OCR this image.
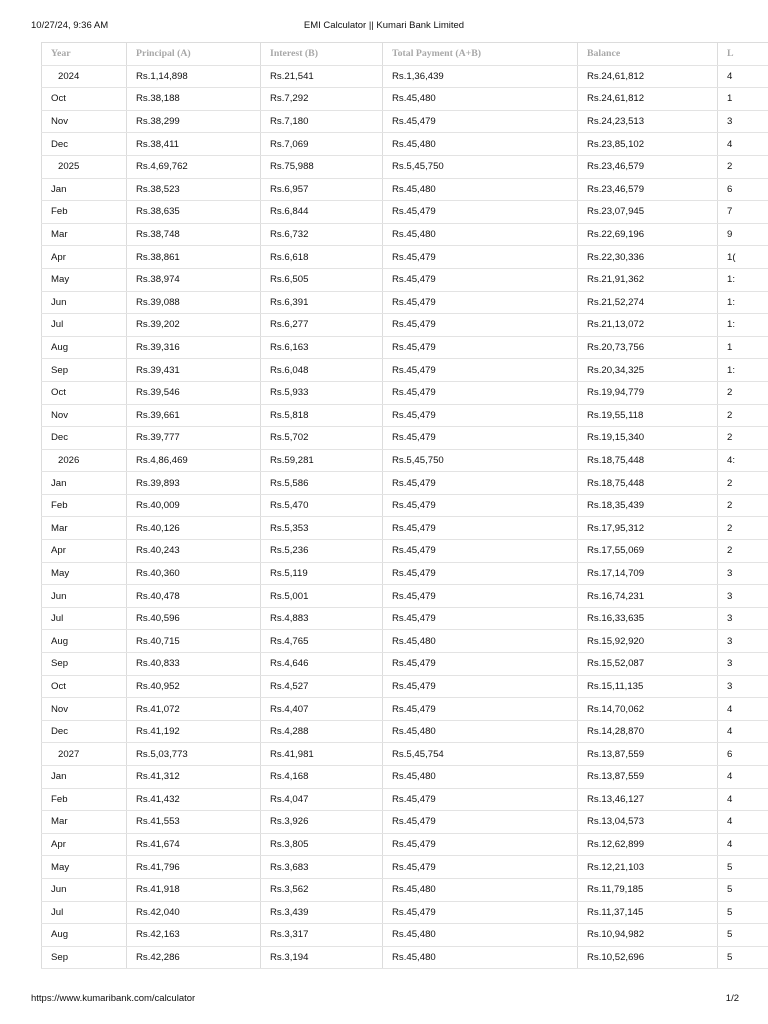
10/27/24, 9:36 AM	EMI Calculator || Kumari Bank Limited
Year	Principal (A)	Interest (B)	Total Payment (A+B)	Balance	L
2024	Rs.1,14,898	Rs.21,541	Rs.1,36,439	Rs.24,61,812	4
Oct	Rs.38,188	Rs.7,292	Rs.45,480	Rs.24,61,812	1
Nov	Rs.38,299	Rs.7,180	Rs.45,479	Rs.24,23,513	3
Dec	Rs.38,411	Rs.7,069	Rs.45,480	Rs.23,85,102	4
2025	Rs.4,69,762	Rs.75,988	Rs.5,45,750	Rs.23,46,579	2
Jan	Rs.38,523	Rs.6,957	Rs.45,480	Rs.23,46,579	6
Feb	Rs.38,635	Rs.6,844	Rs.45,479	Rs.23,07,945	7
Mar	Rs.38,748	Rs.6,732	Rs.45,480	Rs.22,69,196	9
Apr	Rs.38,861	Rs.6,618	Rs.45,479	Rs.22,30,336	1(
May	Rs.38,974	Rs.6,505	Rs.45,479	Rs.21,91,362	1:
Jun	Rs.39,088	Rs.6,391	Rs.45,479	Rs.21,52,274	1:
Jul	Rs.39,202	Rs.6,277	Rs.45,479	Rs.21,13,072	1:
Aug	Rs.39,316	Rs.6,163	Rs.45,479	Rs.20,73,756	1
Sep	Rs.39,431	Rs.6,048	Rs.45,479	Rs.20,34,325	1:
Oct	Rs.39,546	Rs.5,933	Rs.45,479	Rs.19,94,779	2
Nov	Rs.39,661	Rs.5,818	Rs.45,479	Rs.19,55,118	2
Dec	Rs.39,777	Rs.5,702	Rs.45,479	Rs.19,15,340	2
2026	Rs.4,86,469	Rs.59,281	Rs.5,45,750	Rs.18,75,448	4:
Jan	Rs.39,893	Rs.5,586	Rs.45,479	Rs.18,75,448	2
Feb	Rs.40,009	Rs.5,470	Rs.45,479	Rs.18,35,439	2
Mar	Rs.40,126	Rs.5,353	Rs.45,479	Rs.17,95,312	2
Apr	Rs.40,243	Rs.5,236	Rs.45,479	Rs.17,55,069	2
May	Rs.40,360	Rs.5,119	Rs.45,479	Rs.17,14,709	3
Jun	Rs.40,478	Rs.5,001	Rs.45,479	Rs.16,74,231	3
Jul	Rs.40,596	Rs.4,883	Rs.45,479	Rs.16,33,635	3
Aug	Rs.40,715	Rs.4,765	Rs.45,480	Rs.15,92,920	3
Sep	Rs.40,833	Rs.4,646	Rs.45,479	Rs.15,52,087	3
Oct	Rs.40,952	Rs.4,527	Rs.45,479	Rs.15,11,135	3
Nov	Rs.41,072	Rs.4,407	Rs.45,479	Rs.14,70,062	4
Dec	Rs.41,192	Rs.4,288	Rs.45,480	Rs.14,28,870	4
2027	Rs.5,03,773	Rs.41,981	Rs.5,45,754	Rs.13,87,559	6
Jan	Rs.41,312	Rs.4,168	Rs.45,480	Rs.13,87,559	4
Feb	Rs.41,432	Rs.4,047	Rs.45,479	Rs.13,46,127	4
Mar	Rs.41,553	Rs.3,926	Rs.45,479	Rs.13,04,573	4
Apr	Rs.41,674	Rs.3,805	Rs.45,479	Rs.12,62,899	4
May	Rs.41,796	Rs.3,683	Rs.45,479	Rs.12,21,103	5
Jun	Rs.41,918	Rs.3,562	Rs.45,480	Rs.11,79,185	5
Jul	Rs.42,040	Rs.3,439	Rs.45,479	Rs.11,37,145	5
Aug	Rs.42,163	Rs.3,317	Rs.45,480	Rs.10,94,982	5
Sep	Rs.42,286	Rs.3,194	Rs.45,480	Rs.10,52,696	5
https://www.kumaribank.com/calculator	1/2
